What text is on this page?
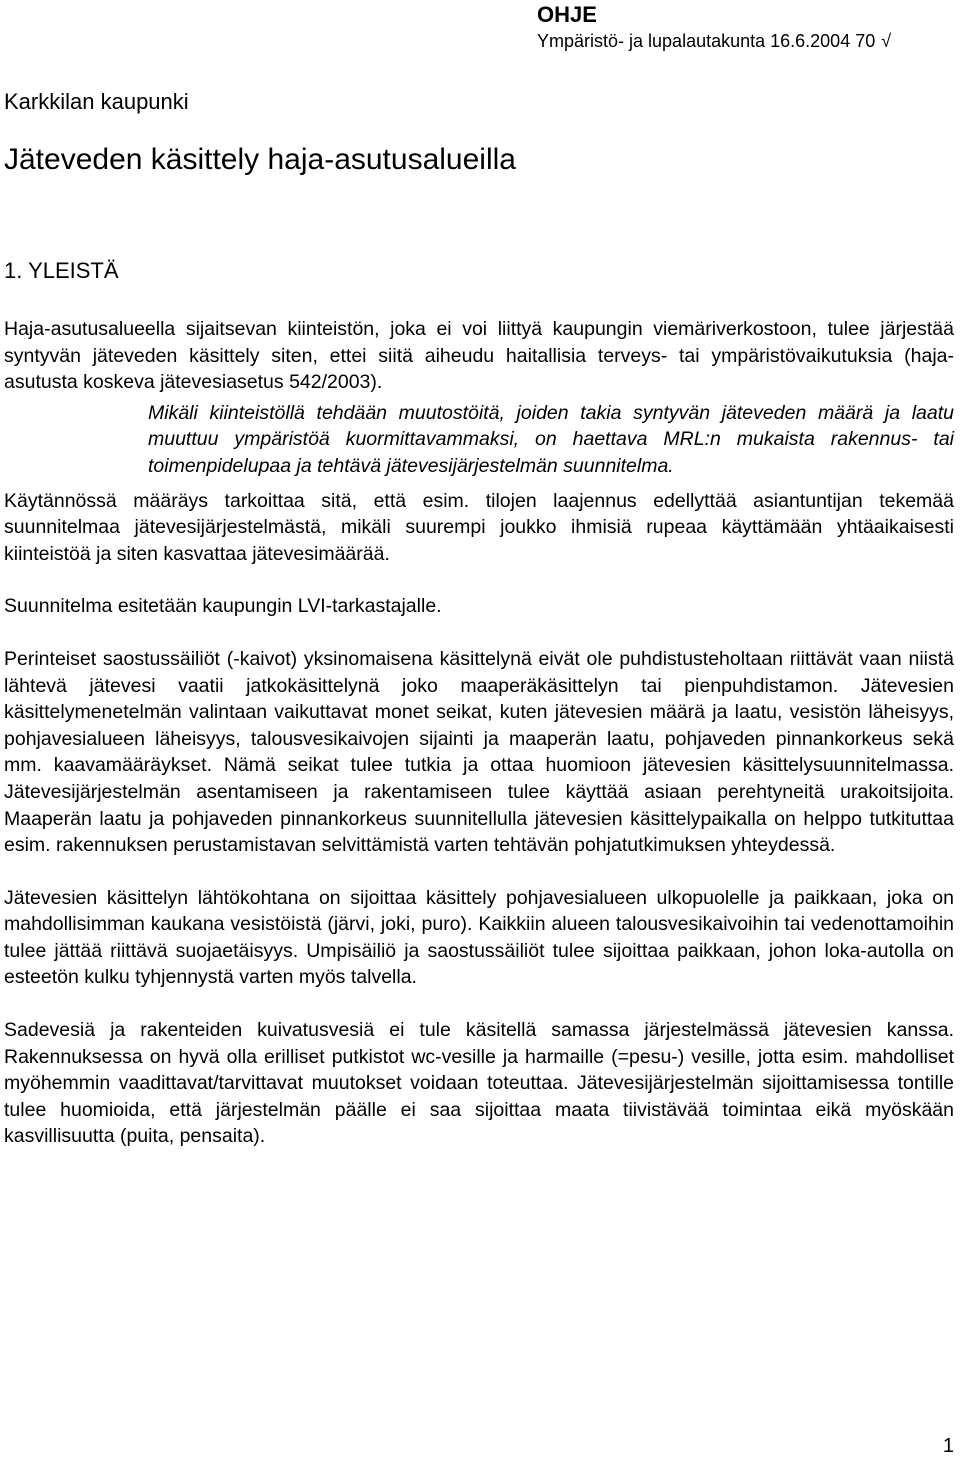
OHJE
Ympäristö- ja lupalautakunta 16.6.2004 70 √
Karkkilan kaupunki
Jäteveden käsittely haja-asutusalueilla
1. YLEISTÄ

Haja-asutusalueella sijaitsevan kiinteistön, joka ei voi liittyä kaupungin viemäriverkostoon, tulee järjestää syntyvän jäteveden käsittely siten, ettei siitä aiheudu haitallisia terveys- tai ympäristövaikutuksia (haja-asutusta koskeva jätevesiasetus 542/2003).

Mikäli kiinteistöllä tehdään muutostöitä, joiden takia syntyvän jäteveden määrä ja laatu muuttuu ympäristöä kuormittavammaksi, on haettava MRL:n mukaista rakennus- tai toimenpidelupaa ja tehtävä jätevesijärjestelmän suunnitelma.

Käytännössä määräys tarkoittaa sitä, että esim. tilojen laajennus edellyttää asiantuntijan tekemää suunnitelmaa jätevesijärjestelmästä, mikäli suurempi joukko ihmisiä rupeaa käyttämään yhtäaikaisesti kiinteistöä ja siten kasvattaa jätevesimäärää.

Suunnitelma esitetään kaupungin LVI-tarkastajalle.

Perinteiset saostussäiliöt (-kaivot) yksinomaisena käsittelynä eivät ole puhdistusteholtaan riittävät vaan niistä lähtevä jätevesi vaatii jatkokäsittelynä joko maaperäkäsittelyn tai pienpuhdistamon. Jätevesien käsittelymenetelmän valintaan vaikuttavat monet seikat, kuten jätevesien määrä ja laatu, vesistön läheisyys, pohjavesialueen läheisyys, talousvesikaivojen sijainti ja maaperän laatu, pohjaveden pinnankorkeus sekä mm. kaavamääräykset. Nämä seikat tulee tutkia ja ottaa huomioon jätevesien käsittelysuunnitelmassa. Jätevesijärjestelmän asentamiseen ja rakentamiseen tulee käyttää asiaan perehtyneitä urakoitsijoita. Maaperän laatu ja pohjaveden pinnankorkeus suunnitellulla jätevesien käsittelypaikalla on helppo tutkituttaa esim. rakennuksen perustamistavan selvittämistä varten tehtävän pohjatutkimuksen yhteydessä.

Jätevesien käsittelyn lähtökohtana on sijoittaa käsittely pohjavesialueen ulkopuolelle ja paikkaan, joka on mahdollisimman kaukana vesistöistä (järvi, joki, puro). Kaikkiin alueen talousvesikaivoihin tai vedenottamoihin tulee jättää riittävä suojaetäisyys. Umpisäiliö ja saostussäiliöt tulee sijoittaa paikkaan, johon loka-autolla on esteetön kulku tyhjennystä varten myös talvella.

Sadevesiä ja rakenteiden kuivatusvesiä ei tule käsitellä samassa järjestelmässä jätevesien kanssa. Rakennuksessa on hyvä olla erilliset putkistot wc-vesille ja harmaille (=pesu-) vesille, jotta esim. mahdolliset myöhemmin vaadittavat/tarvittavat muutokset voidaan toteuttaa. Jätevesijärjestelmän sijoittamisessa tontille tulee huomioida, että järjestelmän päälle ei saa sijoittaa maata tiivistävää toimintaa eikä myöskään kasvillisuutta (puita, pensaita).

1
